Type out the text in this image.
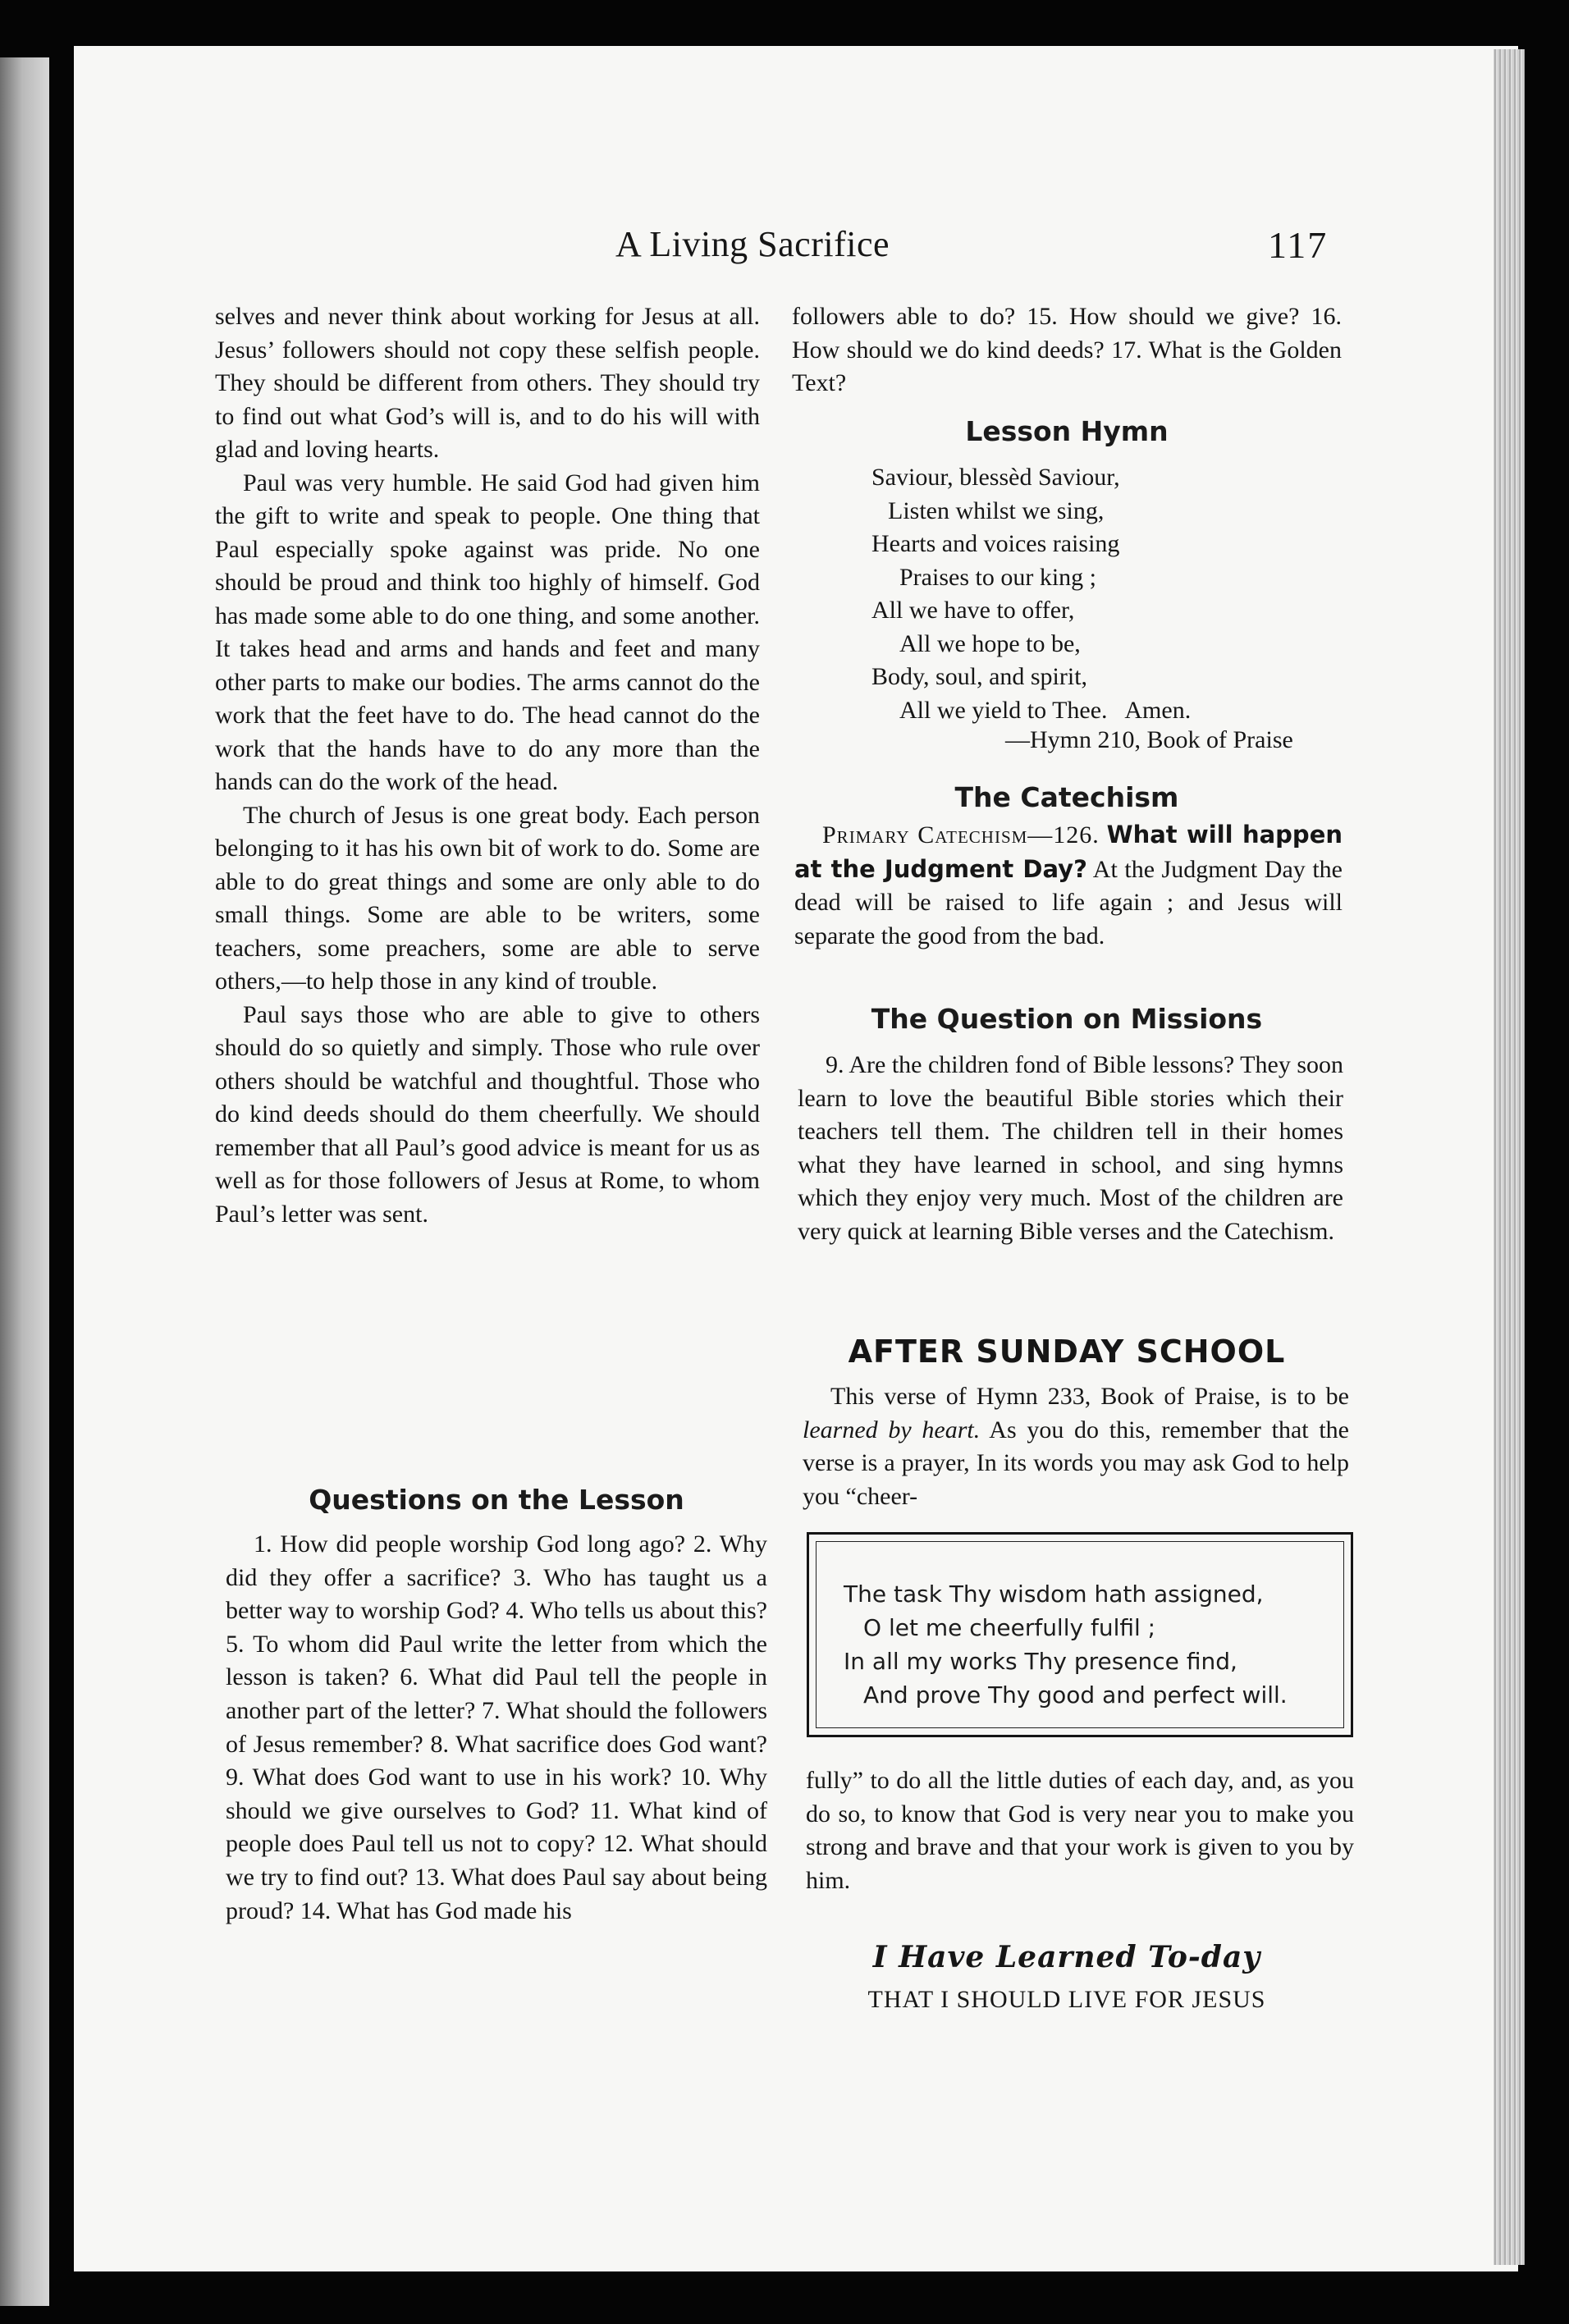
A Living Sacrifice	117

selves and never think about working for Jesus at all. Jesus’ followers should not copy these selfish people. They should be different from others. They should try to find out what God’s will is, and to do his will with glad and loving hearts.

Paul was very humble. He said God had given him the gift to write and speak to people. One thing that Paul especially spoke against was pride. No one should be proud and think too highly of himself. God has made some able to do one thing, and some another. It takes head and arms and hands and feet and many other parts to make our bodies. The arms cannot do the work that the feet have to do. The head cannot do the work that the hands have to do any more than the hands can do the work of the head.

The church of Jesus is one great body. Each person belonging to it has his own bit of work to do. Some are able to do great things and some are only able to do small things. Some are able to be writers, some teachers, some preachers, some are able to serve others,—to help those in any kind of trouble.

Paul says those who are able to give to others should do so quietly and simply. Those who rule over others should be watchful and thoughtful. Those who do kind deeds should do them cheerfully. We should remember that all Paul’s good advice is meant for us as well as for those followers of Jesus at Rome, to whom Paul’s letter was sent.

Questions on the Lesson

1. How did people worship God long ago? 2. Why did they offer a sacrifice? 3. Who has taught us a better way to worship God? 4. Who tells us about this? 5. To whom did Paul write the letter from which the lesson is taken? 6. What did Paul tell the people in another part of the letter? 7. What should the followers of Jesus remember? 8. What sacrifice does God want? 9. What does God want to use in his work? 10. Why should we give ourselves to God? 11. What kind of people does Paul tell us not to copy? 12. What should we try to find out? 13. What does Paul say about being proud? 14. What has God made his

followers able to do? 15. How should we give? 16. How should we do kind deeds? 17. What is the Golden Text?

Lesson Hymn
Saviour, blessèd Saviour,
Listen whilst we sing,
Hearts and voices raising
Praises to our king ;
All we have to offer,
All we hope to be,
Body, soul, and spirit,
All we yield to Thee.   Amen.
—Hymn 210, Book of Praise
The Catechism

Primary Catechism—126. What will happen at the Judgment Day? At the Judgment Day the dead will be raised to life again ; and Jesus will separate the good from the bad.

The Question on Missions

9. Are the children fond of Bible lessons? They soon learn to love the beautiful Bible stories which their teachers tell them. The children tell in their homes what they have learned in school, and sing hymns which they enjoy very much. Most of the children are very quick at learning Bible verses and the Catechism.

AFTER SUNDAY SCHOOL

This verse of Hymn 233, Book of Praise, is to be learned by heart. As you do this, remember that the verse is a prayer, In its words you may ask God to help you “cheer-

The task Thy wisdom hath assigned,
O let me cheerfully fulfil ;
In all my works Thy presence find,
And prove Thy good and perfect will.

fully” to do all the little duties of each day, and, as you do so, to know that God is very near you to make you strong and brave and that your work is given to you by him.

I Have Learned To-day
THAT I SHOULD LIVE FOR JESUS
